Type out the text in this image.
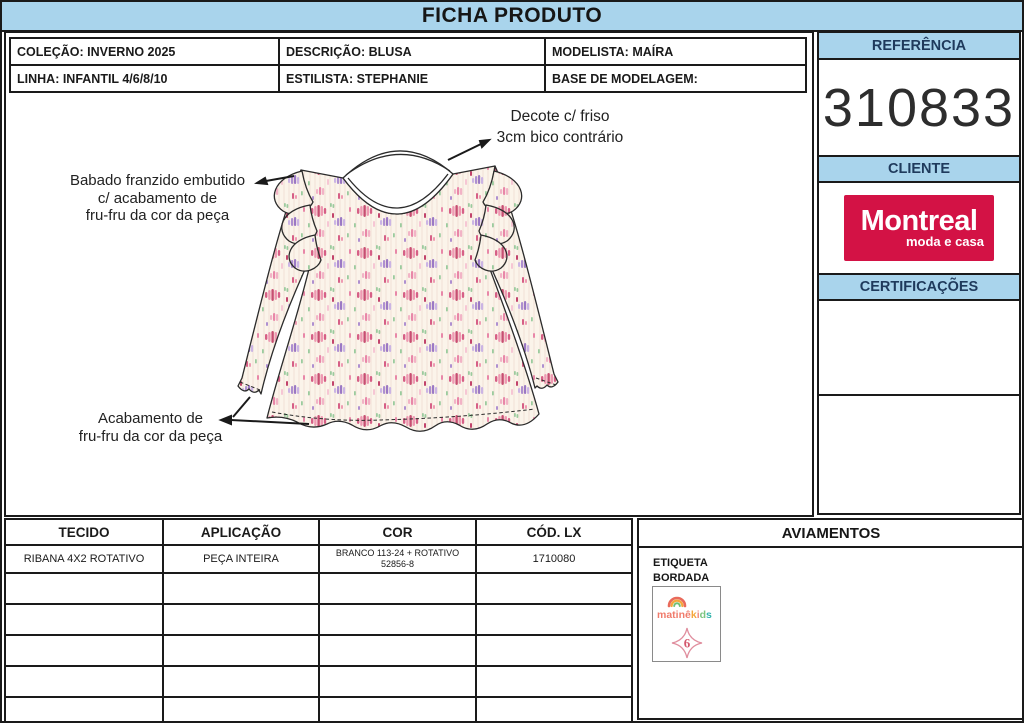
FICHA PRODUTO
COLEÇÃO: INVERNO 2025	DESCRIÇÃO: BLUSA	MODELISTA: MAÍRA
LINHA: INFANTIL 4/6/8/10	ESTILISTA: STEPHANIE	BASE DE MODELAGEM:
Decote c/ friso
3cm bico contrário
Babado franzido embutido
c/ acabamento de
fru-fru da cor da peça
Acabamento de
fru-fru da cor da peça
REFERÊNCIA
310833
CLIENTE
Montreal
moda e casa
CERTIFICAÇÕES
TECIDO	APLICAÇÃO	COR	CÓD. LX
RIBANA 4X2 ROTATIVO	PEÇA INTEIRA	BRANCO 113-24 + ROTATIVO 52856-8	1710080

AVIAMENTOS
ETIQUETA
BORDADA
matinêkids
6
